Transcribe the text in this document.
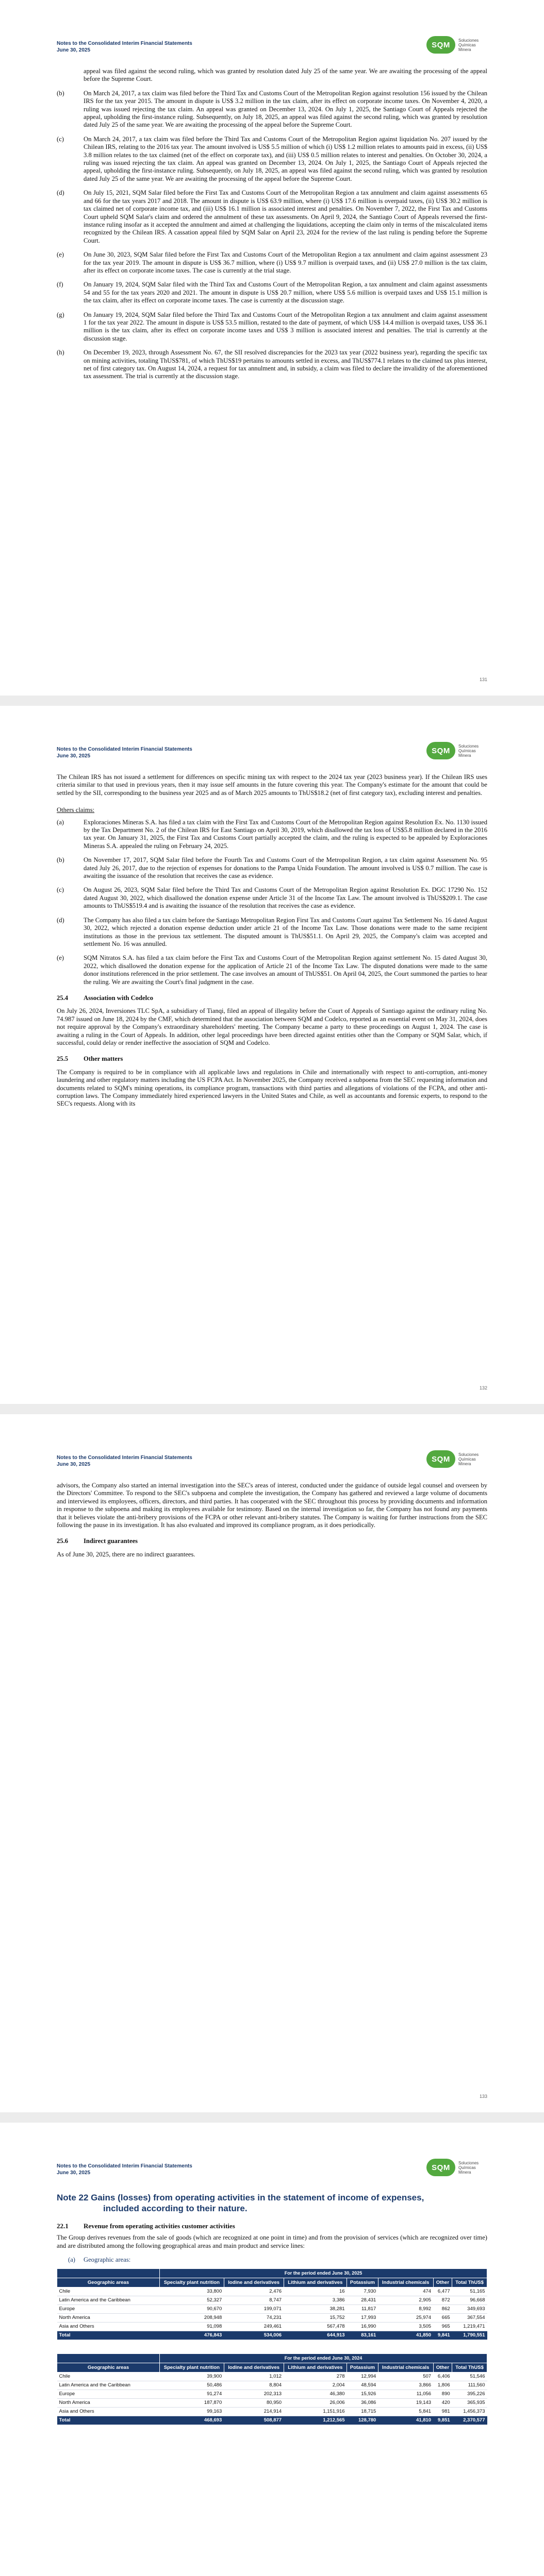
Notes to the Consolidated Interim Financial Statements
June 30, 2025
SQM
Soluciones Químicas Minera

appeal was filed against the second ruling, which was granted by resolution dated July 25 of the same year. We are awaiting the processing of the appeal before the Supreme Court.

(b)	On March 24, 2017, a tax claim was filed before the Third Tax and Customs Court of the Metropolitan Region against resolution 156 issued by the Chilean IRS for the tax year 2015. The amount in dispute is US$ 3.2 million in the tax claim, after its effect on corporate income taxes. On November 4, 2020, a ruling was issued rejecting the tax claim. An appeal was granted on December 13, 2024. On July 1, 2025, the Santiago Court of Appeals rejected the appeal, upholding the first-instance ruling. Subsequently, on July 18, 2025, an appeal was filed against the second ruling, which was granted by resolution dated July 25 of the same year. We are awaiting the processing of the appeal before the Supreme Court.
(c)	On March 24, 2017, a tax claim was filed before the Third Tax and Customs Court of the Metropolitan Region against liquidation No. 207 issued by the Chilean IRS, relating to the 2016 tax year. The amount involved is US$ 5.5 million of which (i) US$ 1.2 million relates to amounts paid in excess, (ii) US$ 3.8 million relates to the tax claimed (net of the effect on corporate tax), and (iii) US$ 0.5 million relates to interest and penalties. On October 30, 2024, a ruling was issued rejecting the tax claim. An appeal was granted on December 13, 2024. On July 1, 2025, the Santiago Court of Appeals rejected the appeal, upholding the first-instance ruling. Subsequently, on July 18, 2025, an appeal was filed against the second ruling, which was granted by resolution dated July 25 of the same year. We are awaiting the processing of the appeal before the Supreme Court.
(d)	On July 15, 2021, SQM Salar filed before the First Tax and Customs Court of the Metropolitan Region a tax annulment and claim against assessments 65 and 66 for the tax years 2017 and 2018. The amount in dispute is US$ 63.9 million, where (i) US$ 17.6 million is overpaid taxes, (ii) US$ 30.2 million is tax claimed net of corporate income tax, and (iii) US$ 16.1 million is associated interest and penalties. On November 7, 2022, the First Tax and Customs Court upheld SQM Salar's claim and ordered the annulment of these tax assessments. On April 9, 2024, the Santiago Court of Appeals reversed the first-instance ruling insofar as it accepted the annulment and aimed at challenging the liquidations, accepting the claim only in terms of the miscalculated items recognized by the Chilean IRS. A cassation appeal filed by SQM Salar on April 23, 2024 for the review of the last ruling is pending before the Supreme Court.
(e)	On June 30, 2023, SQM Salar filed before the First Tax and Customs Court of the Metropolitan Region a tax annulment and claim against assessment 23 for the tax year 2019. The amount in dispute is US$ 36.7 million, where (i) US$ 9.7 million is overpaid taxes, and (ii) US$ 27.0 million is the tax claim, after its effect on corporate income taxes. The case is currently at the trial stage.
(f)	On January 19, 2024, SQM Salar filed with the Third Tax and Customs Court of the Metropolitan Region, a tax annulment and claim against assessments 54 and 55 for the tax years 2020 and 2021. The amount in dispute is US$ 20.7 million, where US$ 5.6 million is overpaid taxes and US$ 15.1 million is the tax claim, after its effect on corporate income taxes. The case is currently at the discussion stage.
(g)	On January 19, 2024, SQM Salar filed before the Third Tax and Customs Court of the Metropolitan Region a tax annulment and claim against assessment 1 for the tax year 2022. The amount in dispute is US$ 53.5 million, restated to the date of payment, of which US$ 14.4 million is overpaid taxes, US$ 36.1 million is the tax claim, after its effect on corporate income taxes and US$ 3 million is associated interest and penalties. The trial is currently at the discussion stage.
(h)	On December 19, 2023, through Assessment No. 67, the SII resolved discrepancies for the 2023 tax year (2022 business year), regarding the specific tax on mining activities, totaling ThUS$781, of which ThUS$19 pertains to amounts settled in excess, and ThUS$774.1 relates to the claimed tax plus interest, net of first category tax. On August 14, 2024, a request for tax annulment and, in subsidy, a claim was filed to declare the invalidity of the aforementioned tax assessment. The trial is currently at the discussion stage.
131
Notes to the Consolidated Interim Financial Statements
June 30, 2025
SQM
Soluciones Químicas Minera

The Chilean IRS has not issued a settlement for differences on specific mining tax with respect to the 2024 tax year (2023 business year). If the Chilean IRS uses criteria similar to that used in previous years, then it may issue self amounts in the future covering this year. The Company's estimate for the amount that could be settled by the SII, corresponding to the business year 2025 and as of March 2025 amounts to ThUS$18.2 (net of first category tax), excluding interest and penalties.

Others claims:
(a)	Exploraciones Mineras S.A. has filed a tax claim with the First Tax and Customs Court of the Metropolitan Region against Resolution Ex. No. 1130 issued by the Tax Department No. 2 of the Chilean IRS for East Santiago on April 30, 2019, which disallowed the tax loss of US$5.8 million declared in the 2016 tax year. On January 31, 2025, the First Tax and Customs Court partially accepted the claim, and the ruling is expected to be appealed by Exploraciones Mineras S.A. appealed the ruling on February 24, 2025.
(b)	On November 17, 2017, SQM Salar filed before the Fourth Tax and Customs Court of the Metropolitan Region, a tax claim against Assessment No. 95 dated July 26, 2017, due to the rejection of expenses for donations to the Pampa Unida Foundation. The amount involved is US$ 0.7 million. The case is awaiting the issuance of the resolution that receives the case as evidence.
(c)	On August 26, 2023, SQM Salar filed before the Third Tax and Customs Court of the Metropolitan Region against Resolution Ex. DGC 17290 No. 152 dated August 30, 2022, which disallowed the donation expense under Article 31 of the Income Tax Law. The amount involved is ThUS$209.1. The case amounts to ThUS$519.4 and is awaiting the issuance of the resolution that receives the case as evidence.
(d)	The Company has also filed a tax claim before the Santiago Metropolitan Region First Tax and Customs Court against Tax Settlement No. 16 dated August 30, 2022, which rejected a donation expense deduction under article 21 of the Income Tax Law. Those donations were made to the same recipient institutions as those in the previous tax settlement. The disputed amount is ThUS$51.1. On April 29, 2025, the Company's claim was accepted and settlement No. 16 was annulled.
(e)	SQM Nitratos S.A. has filed a tax claim before the First Tax and Customs Court of the Metropolitan Region against settlement No. 15 dated August 30, 2022, which disallowed the donation expense for the application of Article 21 of the Income Tax Law. The disputed donations were made to the same donor institutions referenced in the prior settlement. The case involves an amount of ThUS$51. On April 04, 2025, the Court summoned the parties to hear the ruling. We are awaiting the Court's final judgment in the case.
25.4	Association with Codelco

On July 26, 2024, Inversiones TLC SpA, a subsidiary of Tianqi, filed an appeal of illegality before the Court of Appeals of Santiago against the ordinary ruling No. 74.987 issued on June 18, 2024 by the CMF, which determined that the association between SQM and Codelco, reported as an essential event on May 31, 2024, does not require approval by the Company's extraordinary shareholders' meeting. The Company became a party to these proceedings on August 1, 2024. The case is awaiting a ruling in the Court of Appeals. In addition, other legal proceedings have been directed against entities other than the Company or SQM Salar, which, if successful, could delay or render ineffective the association of SQM and Codelco.

25.5	Other matters

The Company is required to be in compliance with all applicable laws and regulations in Chile and internationally with respect to anti-corruption, anti-money laundering and other regulatory matters including the US FCPA Act. In November 2025, the Company received a subpoena from the SEC requesting information and documents related to SQM's mining operations, its compliance program, transactions with third parties and allegations of violations of the FCPA, and other anti-corruption laws. The Company immediately hired experienced lawyers in the United States and Chile, as well as accountants and forensic experts, to respond to the SEC's requests. Along with its

132
Notes to the Consolidated Interim Financial Statements
June 30, 2025
SQM
Soluciones Químicas Minera

advisors, the Company also started an internal investigation into the SEC's areas of interest, conducted under the guidance of outside legal counsel and overseen by the Directors' Committee. To respond to the SEC's subpoena and complete the investigation, the Company has gathered and reviewed a large volume of documents and interviewed its employees, officers, directors, and third parties. It has cooperated with the SEC throughout this process by providing documents and information in response to the subpoena and making its employees available for testimony. Based on the internal investigation so far, the Company has not found any payments that it believes violate the anti-bribery provisions of the FCPA or other relevant anti-bribery statutes. The Company is waiting for further instructions from the SEC following the pause in its investigation. It has also evaluated and improved its compliance program, as it does periodically.

25.6	Indirect guarantees

As of June 30, 2025, there are no indirect guarantees.

133
Notes to the Consolidated Interim Financial Statements
June 30, 2025
SQM
Soluciones Químicas Minera
Note 22 Gains (losses) from operating activities in the statement of income of expenses,
included according to their nature.
22.1	Revenue from operating activities customer activities

The Group derives revenues from the sale of goods (which are recognized at one point in time) and from the provision of services (which are recognized over time) and are distributed among the following geographical areas and main product and service lines:

(a)	Geographic areas:
	For the period ended June 30, 2025						
Geographic areas	Specialty plant nutrition	Iodine and derivatives	Lithium and derivatives	Potassium	Industrial chemicals	Other	Total ThUS$
Chile	33,800	2,476	16	7,930	474	6,477	51,165
Latin America and the Caribbean	52,327	8,747	3,386	28,431	2,905	872	96,668
Europe	90,670	199,071	38,281	11,817	8,992	862	349,693
North America	208,948	74,231	15,752	17,993	25,974	665	367,554
Asia and Others	91,098	249,461	567,478	16,990	3,505	965	1,219,471
Total	476,843	534,006	644,913	83,161	41,850	9,841	1,790,551
	For the period ended June 30, 2024						
Geographic areas	Specialty plant nutrition	Iodine and derivatives	Lithium and derivatives	Potassium	Industrial chemicals	Other	Total ThUS$
Chile	39,900	1,012	278	12,994	507	6,406	51,546
Latin America and the Caribbean	50,486	8,804	2,004	48,594	3,866	1,806	111,560
Europe	91,274	202,313	46,380	15,926	11,056	890	395,226
North America	187,870	80,950	26,006	36,086	19,143	420	365,935
Asia and Others	99,163	214,914	1,151,916	18,715	5,841	981	1,456,373
Total	468,693	508,877	1,212,565	128,780	41,810	9,851	2,370,577
